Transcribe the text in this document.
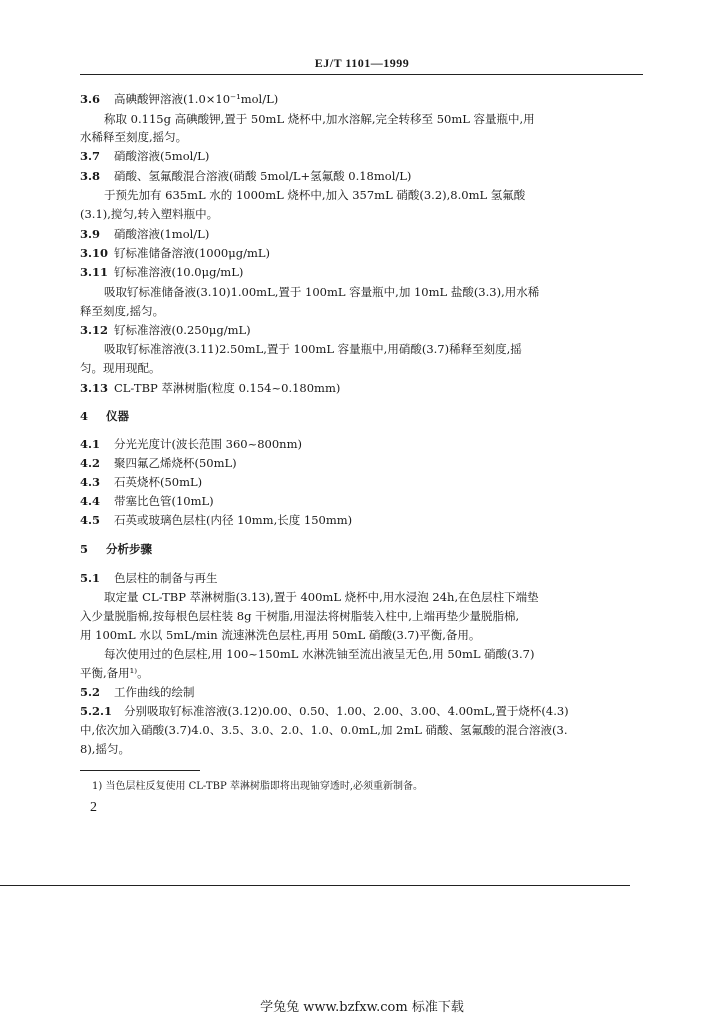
EJ/T 1101—1999
3.6 高碘酸钾溶液(1.0×10⁻¹mol/L)
称取 0.115g 高碘酸钾,置于 50mL 烧杯中,加水溶解,完全转移至 50mL 容量瓶中,用
水稀释至刻度,摇匀。
3.7 硝酸溶液(5mol/L)
3.8 硝酸、氢氟酸混合溶液(硝酸 5mol/L+氢氟酸 0.18mol/L)
于预先加有 635mL 水的 1000mL 烧杯中,加入 357mL 硝酸(3.2),8.0mL 氢氟酸
(3.1),搅匀,转入塑料瓶中。
3.9 硝酸溶液(1mol/L)
3.10 钌标准储备溶液(1000μg/mL)
3.11 钌标准溶液(10.0μg/mL)
吸取钌标准储备液(3.10)1.00mL,置于 100mL 容量瓶中,加 10mL 盐酸(3.3),用水稀
释至刻度,摇匀。
3.12 钌标准溶液(0.250μg/mL)
吸取钌标准溶液(3.11)2.50mL,置于 100mL 容量瓶中,用硝酸(3.7)稀释至刻度,摇
匀。现用现配。
3.13 CL-TBP 萃淋树脂(粒度 0.154~0.180mm)
4 仪器
4.1 分光光度计(波长范围 360~800nm)
4.2 聚四氟乙烯烧杯(50mL)
4.3 石英烧杯(50mL)
4.4 带塞比色管(10mL)
4.5 石英或玻璃色层柱(内径 10mm,长度 150mm)
5 分析步骤
5.1 色层柱的制备与再生
取定量 CL-TBP 萃淋树脂(3.13),置于 400mL 烧杯中,用水浸泡 24h,在色层柱下端垫
入少量脱脂棉,按每根色层柱装 8g 干树脂,用湿法将树脂装入柱中,上端再垫少量脱脂棉,
用 100mL 水以 5mL/min 流速淋洗色层柱,再用 50mL 硝酸(3.7)平衡,备用。
每次使用过的色层柱,用 100~150mL 水淋洗铀至流出液呈无色,用 50mL 硝酸(3.7)
平衡,备用¹⁾。
5.2 工作曲线的绘制
5.2.1 分别吸取钌标准溶液(3.12)0.00、0.50、1.00、2.00、3.00、4.00mL,置于烧杯(4.3)
中,依次加入硝酸(3.7)4.0、3.5、3.0、2.0、1.0、0.0mL,加 2mL 硝酸、氢氟酸的混合溶液(3.
8),摇匀。
1) 当色层柱反复使用 CL-TBP 萃淋树脂即将出现铀穿透时,必须重新制备。
2
学兔兔 www.bzfxw.com 标准下载
